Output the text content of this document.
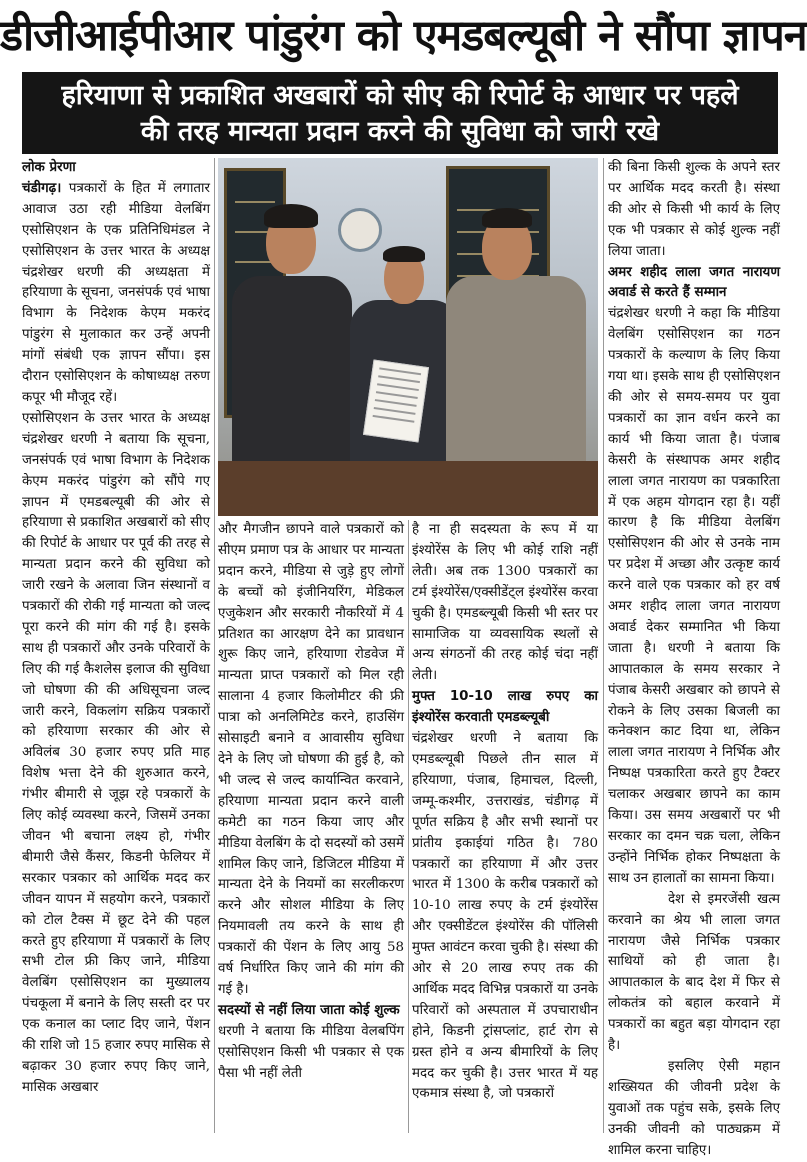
डीजीआईपीआर पांडुरंग को एमडबल्यूबी ने सौंपा ज्ञापन
हरियाणा से प्रकाशित अखबारों को सीए की रिपोर्ट के आधार पर पहले
की तरह मान्यता प्रदान करने की सुविधा को जारी रखे

लोक प्रेरणा

चंडीगढ़। पत्रकारों के हित में लगातार आवाज उठा रही मीडिया वेलबिंग एसोसिएशन के एक प्रतिनिधिमंडल ने एसोसिएशन के उत्तर भारत के अध्यक्ष चंद्रशेखर धरणी की अध्यक्षता में हरियाणा के सूचना, जनसंपर्क एवं भाषा विभाग के निदेशक केएम मकरंद पांडुरंग से मुलाकात कर उन्हें अपनी मांगों संबंधी एक ज्ञापन सौंपा। इस दौरान एसोसिएशन के कोषाध्यक्ष तरुण कपूर भी मौजूद रहें।

एसोसिएशन के उत्तर भारत के अध्यक्ष चंद्रशेखर धरणी ने बताया कि सूचना, जनसंपर्क एवं भाषा विभाग के निदेशक केएम मकरंद पांडुरंग को सौंपे गए ज्ञापन में एमडबल्यूबी की ओर से हरियाणा से प्रकाशित अखबारों को सीए की रिपोर्ट के आधार पर पूर्व की तरह से मान्यता प्रदान करने की सुविधा को जारी रखने के अलावा जिन संस्थानों व पत्रकारों की रोकी गई मान्यता को जल्द पूरा करने की मांग की गई है। इसके साथ ही पत्रकारों और उनके परिवारों के लिए की गई कैशलेस इलाज की सुविधा जो घोषणा की की अधिसूचना जल्द जारी करने, विकलांग सक्रिय पत्रकारों को हरियाणा सरकार की ओर से अविलंब 30 हजार रुपए प्रति माह विशेष भत्ता देने की शुरुआत करने, गंभीर बीमारी से जूझ रहे पत्रकारों के लिए कोई व्यवस्था करने, जिसमें उनका जीवन भी बचाना लक्ष्य हो, गंभीर बीमारी जैसे कैंसर, किडनी फेलियर में सरकार पत्रकार को आर्थिक मदद कर जीवन यापन में सहयोग करने, पत्रकारों को टोल टैक्स में छूट देने की पहल करते हुए हरियाणा में पत्रकारों के लिए सभी टोल फ्री किए जाने, मीडिया वेलबिंग एसोसिएशन का मुख्यालय पंचकूला में बनाने के लिए सस्ती दर पर एक कनाल का प्लाट दिए जाने, पेंशन की राशि जो 15 हजार रुपए मासिक से बढ़ाकर 30 हजार रुपए किए जाने, मासिक अखबार

और मैगजीन छापने वाले पत्रकारों को सीएम प्रमाण पत्र के आधार पर मान्यता प्रदान करने, मीडिया से जुड़े हुए लोगों के बच्चों को इंजीनियरिंग, मेडिकल एजुकेशन और सरकारी नौकरियों में 4 प्रतिशत का आरक्षण देने का प्रावधान शुरू किए जाने, हरियाणा रोडवेज में मान्यता प्राप्त पत्रकारों को मिल रही सालाना 4 हजार किलोमीटर की फ्री पात्रा को अनलिमिटेड करने, हाउसिंग सोसाइटी बनाने व आवासीय सुविधा देने के लिए जो घोषणा की हुई है, को भी जल्द से जल्द कार्यान्वित करवाने, हरियाणा मान्यता प्रदान करने वाली कमेटी का गठन किया जाए और मीडिया वेलबिंग के दो सदस्यों को उसमें शामिल किए जाने, डिजिटल मीडिया में मान्यता देने के नियमों का सरलीकरण करने और सोशल मीडिया के लिए नियमावली तय करने के साथ ही पत्रकारों की पेंशन के लिए आयु 58 वर्ष निर्धारित किए जाने की मांग की गई है।

सदस्यों से नहीं लिया जाता कोई शुल्क

धरणी ने बताया कि मीडिया वेलबपिंग एसोसिएशन किसी भी पत्रकार से एक पैसा भी नहीं लेती

है ना ही सदस्यता के रूप में या इंश्योरेंस के लिए भी कोई राशि नहीं लेती। अब तक 1300 पत्रकारों का टर्म इंश्योरेंस/एक्सीडेंट्ल इंश्योरेंस करवा चुकी है। एमडब्ल्यूबी किसी भी स्तर पर सामाजिक या व्यवसायिक स्थलों से अन्य संगठनों की तरह कोई चंदा नहीं लेती।

मुफ्त 10-10 लाख रुपए का इंश्योरेंस करवाती एमडब्ल्यूबी

चंद्रशेखर धरणी ने बताया कि एमडब्ल्यूबी पिछले तीन साल में हरियाणा, पंजाब, हिमाचल, दिल्ली, जम्मू-कश्मीर, उत्तराखंड, चंडीगढ़ में पूर्णत सक्रिय है और सभी स्थानों पर प्रांतीय इकाईयां गठित है। 780 पत्रकारों का हरियाणा में और उत्तर भारत में 1300 के करीब पत्रकारों को 10-10 लाख रुपए के टर्म इंश्योरेंस और एक्सीडेंटल इंश्योरेंस की पॉलिसी मुफ्त आवंटन करवा चुकी है। संस्था की ओर से 20 लाख रुपए तक की आर्थिक मदद विभिन्न पत्रकारों या उनके परिवारों को अस्पताल में उपचाराधीन होने, किडनी ट्रांसप्लांट, हार्ट रोग से ग्रस्त होने व अन्य बीमारियों के लिए मदद कर चुकी है। उत्तर भारत में यह एकमात्र संस्था है, जो पत्रकारों

की बिना किसी शुल्क के अपने स्तर पर आर्थिक मदद करती है। संस्था की ओर से किसी भी कार्य के लिए एक भी पत्रकार से कोई शुल्क नहीं लिया जाता।

अमर शहीद लाला जगत नारायण अवार्ड से करते हैं सम्मान

चंद्रशेखर धरणी ने कहा कि मीडिया वेलबिंग एसोसिएशन का गठन पत्रकारों के कल्याण के लिए किया गया था। इसके साथ ही एसोसिएशन की ओर से समय-समय पर युवा पत्रकारों का ज्ञान वर्धन करने का कार्य भी किया जाता है। पंजाब केसरी के संस्थापक अमर शहीद लाला जगत नारायण का पत्रकारिता में एक अहम योगदान रहा है। यहीं कारण है कि मीडिया वेलबिंग एसोसिएशन की ओर से उनके नाम पर प्रदेश में अच्छा और उत्कृष्ट कार्य करने वाले एक पत्रकार को हर वर्ष अमर शहीद लाला जगत नारायण अवार्ड देकर सम्मानित भी किया जाता है। धरणी ने बताया कि आपातकाल के समय सरकार ने पंजाब केसरी अखबार को छापने से रोकने के लिए उसका बिजली का कनेक्शन काट दिया था, लेकिन लाला जगत नारायण ने निर्भिक और निष्पक्ष पत्रकारिता करते हुए टैक्टर चलाकर अखबार छापने का काम किया। उस समय अखबारों पर भी सरकार का दमन चक्र चला, लेकिन उन्होंने निर्भिक होकर निष्पक्षता के साथ उन हालातों का सामना किया।

देश से इमरजेंसी खत्म करवाने का श्रेय भी लाला जगत नारायण जैसे निर्भिक पत्रकार साथियों को ही जाता है। आपातकाल के बाद देश में फिर से लोकतंत्र को बहाल करवाने में पत्रकारों का बहुत बड़ा योगदान रहा है।

इसलिए ऐसी महान शख्सियत की जीवनी प्रदेश के युवाओं तक पहुंच सके, इसके लिए उनकी जीवनी को पाठ्यक्रम में शामिल करना चाहिए।
